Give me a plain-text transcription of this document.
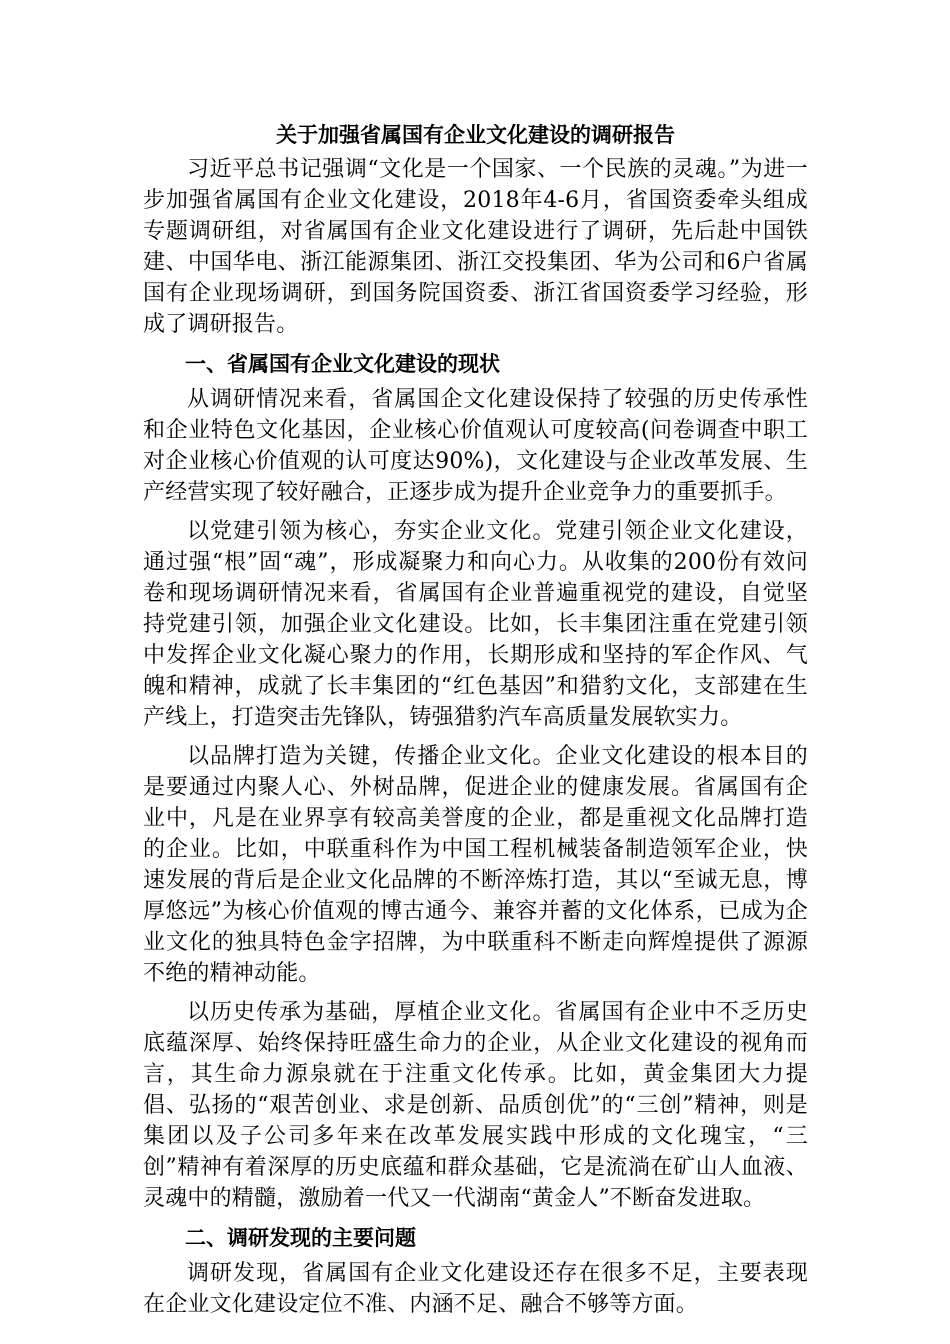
关于加强省属国有企业文化建设的调研报告

习近平总书记强调“文化是一个国家、一个民族的灵魂。”为进一步加强省属国有企业文化建设，2018年4-6月，省国资委牵头组成专题调研组，对省属国有企业文化建设进行了调研，先后赴中国铁建、中国华电、浙江能源集团、浙江交投集团、华为公司和6户省属国有企业现场调研，到国务院国资委、浙江省国资委学习经验，形成了调研报告。

一、省属国有企业文化建设的现状

从调研情况来看，省属国企文化建设保持了较强的历史传承性和企业特色文化基因，企业核心价值观认可度较高(问卷调查中职工对企业核心价值观的认可度达90%)，文化建设与企业改革发展、生产经营实现了较好融合，正逐步成为提升企业竞争力的重要抓手。

以党建引领为核心，夯实企业文化。党建引领企业文化建设，通过强“根”固“魂”，形成凝聚力和向心力。从收集的200份有效问卷和现场调研情况来看，省属国有企业普遍重视党的建设，自觉坚持党建引领，加强企业文化建设。比如，长丰集团注重在党建引领中发挥企业文化凝心聚力的作用，长期形成和坚持的军企作风、气魄和精神，成就了长丰集团的“红色基因”和猎豹文化，支部建在生产线上，打造突击先锋队，铸强猎豹汽车高质量发展软实力。

以品牌打造为关键，传播企业文化。企业文化建设的根本目的是要通过内聚人心、外树品牌，促进企业的健康发展。省属国有企业中，凡是在业界享有较高美誉度的企业，都是重视文化品牌打造的企业。比如，中联重科作为中国工程机械装备制造领军企业，快速发展的背后是企业文化品牌的不断淬炼打造，其以“至诚无息，博厚悠远”为核心价值观的博古通今、兼容并蓄的文化体系，已成为企业文化的独具特色金字招牌，为中联重科不断走向辉煌提供了源源不绝的精神动能。

以历史传承为基础，厚植企业文化。省属国有企业中不乏历史底蕴深厚、始终保持旺盛生命力的企业，从企业文化建设的视角而言，其生命力源泉就在于注重文化传承。比如，黄金集团大力提倡、弘扬的“艰苦创业、求是创新、品质创优”的“三创”精神，则是集团以及子公司多年来在改革发展实践中形成的文化瑰宝，“三创”精神有着深厚的历史底蕴和群众基础，它是流淌在矿山人血液、灵魂中的精髓，激励着一代又一代湖南“黄金人”不断奋发进取。

二、调研发现的主要问题

调研发现，省属国有企业文化建设还存在很多不足，主要表现在企业文化建设定位不准、内涵不足、融合不够等方面。
